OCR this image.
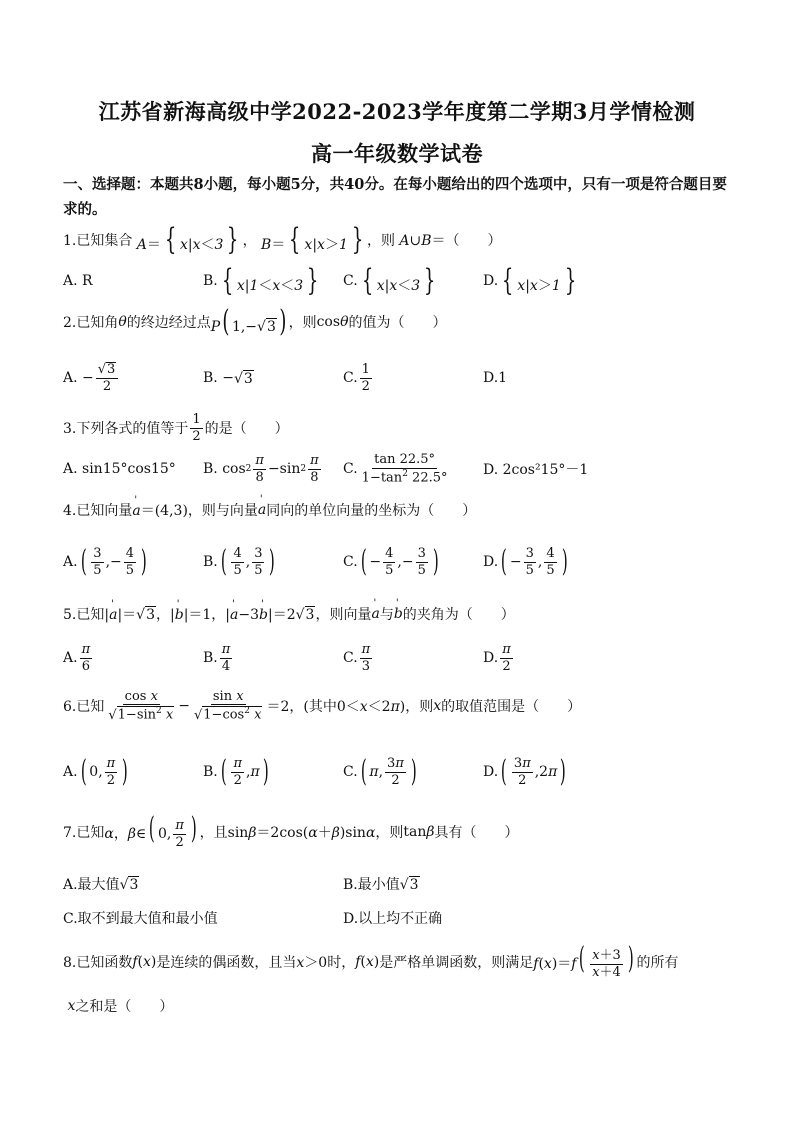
江苏省新海高级中学2022-2023学年度第二学期3月学情检测
高一年级数学试卷
一、选择题：本题共8小题，每小题5分，共40分。在每小题给出的四个选项中，只有一项是符合题目要求的。
1.已知集合 A＝ { x|x＜3 } ， B＝ { x|x＞1 } ，则 A∪B＝ （　　）
A. R	B. { x|1＜x＜3 } C. { x|x＜3 }	D. { x|x＞1 }
2.已知角 θ 的终边经过点 P( 1,−√ 3 ) ，则 cosθ 的值为（　　）
A. − $\frac{√ 3}{2}$	B. − √ 3	C. $\frac{1}{2}$	D.1
3.下列各式的值等于 $\frac{1}{2}$ 的是（　　）
A. sin15°cos15° B. $\cos 2 \frac{\pi}{8} -\sin$ $2 \frac{\pi}{8} C$. $\frac{\tan 22.5^\circ}{1-\tan^2 22.5^\circ} D$. 2cos²15°－1
4.已知向量 ' a＝(4,3) ，则与向量 ' a 同向的单位向量的坐标为（　　）
A. ( $\frac{3}{5}$ ,− $\frac{4}{5}$ )	B. ( $\frac{4}{5}$ , $\frac{3}{5}$ )	C. ( − $\frac{4}{5}$ ,− $\frac{3}{5}$ )	D. ( − $\frac{3}{5}$ , $\frac{4}{5}$ )
5.已知 |' a|＝√ 3 ，|' b|＝1，|' a−3' b|＝2√ 3 ，则向量 ' a 与 ' b 的夹角为（　　）
A. $\frac{\pi}{6}$	B. $\frac{\pi}{4}$	C. $\frac{\pi}{3}$	D. $\frac{\pi}{2}$
6.已知 $\frac{\text{cos x}}{√ 1-\sin^2 x} - \frac{\text{sin x}}{√ 1-\cos^2 x} =2$ ，(其中 0＜x＜2π )，则 x 的取值范围是（　　）
A. ( 0, $\frac{\pi}{2}$ )	B. ( $\frac{\pi}{2}$ , π )	C. ( π , $\frac{3\pi}{2}$ )	D. ( $\frac{3\pi}{2} ,2$ π )
7.已知 α，β∈( 0, $\frac{\pi}{2}$ ) ，且 sinβ＝2cos(α＋β)sinα ，则 tanβ 具有（　　）
A.最大值 √ 3	B.最小值 √ 3
C.取不到最大值和最小值	D.以上均不正确
8.已知函数 f(x) 是连续的偶函数，且当 x＞0 时， f(x) 是严格单调函数，则满足 $f(x)=f( \frac{x+3}{x+4}$ ) 的所有
x 之和是（　　）
